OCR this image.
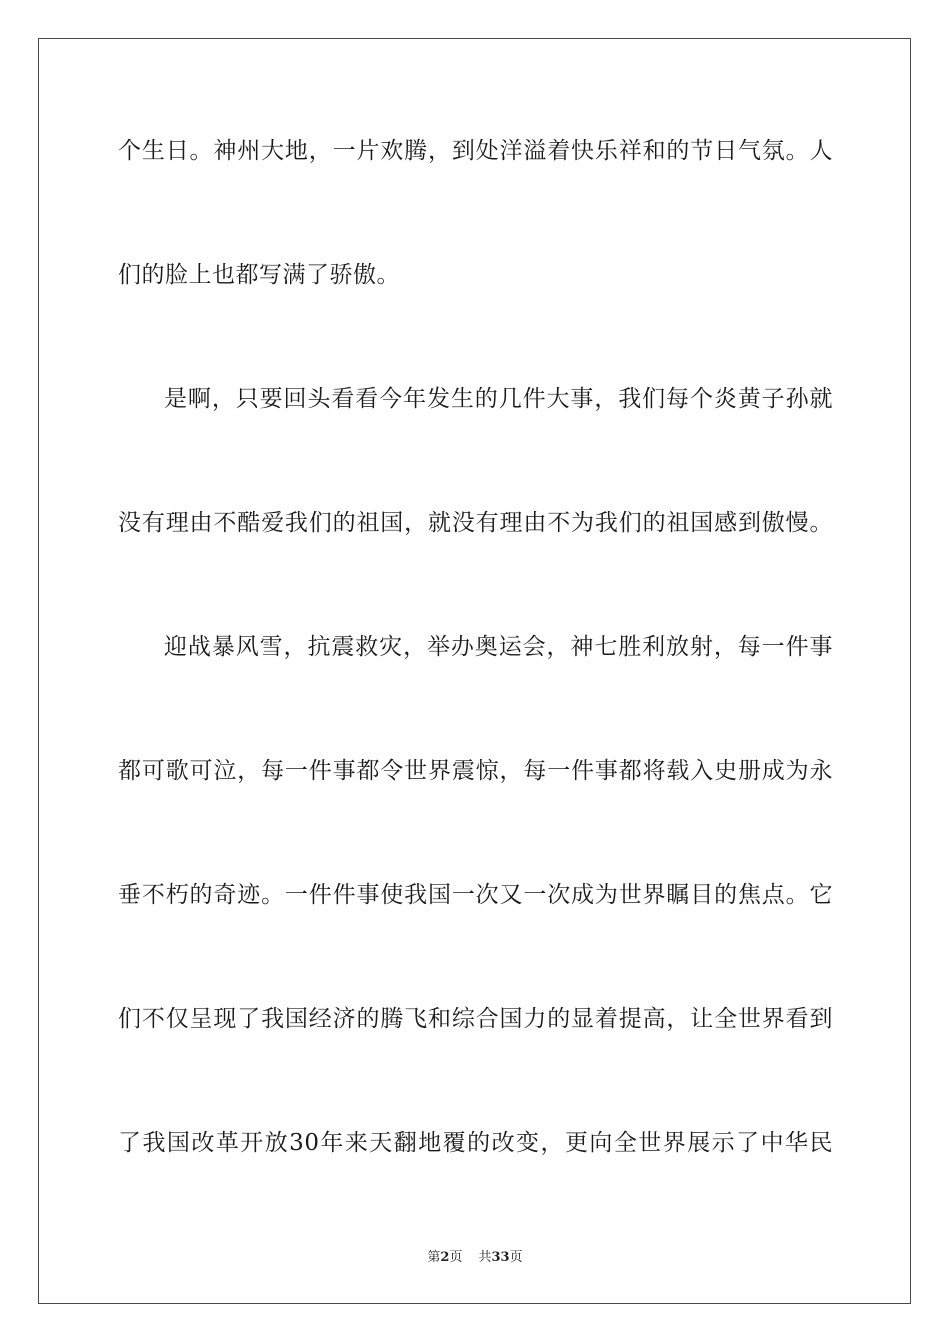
个生日。神州大地，一片欢腾，到处洋溢着快乐祥和的节日气氛。人
们的脸上也都写满了骄傲。
是啊，只要回头看看今年发生的几件大事，我们每个炎黄子孙就
没有理由不酷爱我们的祖国，就没有理由不为我们的祖国感到傲慢。
迎战暴风雪，抗震救灾，举办奥运会，神七胜利放射，每一件事
都可歌可泣，每一件事都令世界震惊，每一件事都将载入史册成为永
垂不朽的奇迹。一件件事使我国一次又一次成为世界瞩目的焦点。它
们不仅呈现了我国经济的腾飞和综合国力的显着提高，让全世界看到
了我国改革开放30年来天翻地覆的改变，更向全世界展示了中华民
第2页 共33页
